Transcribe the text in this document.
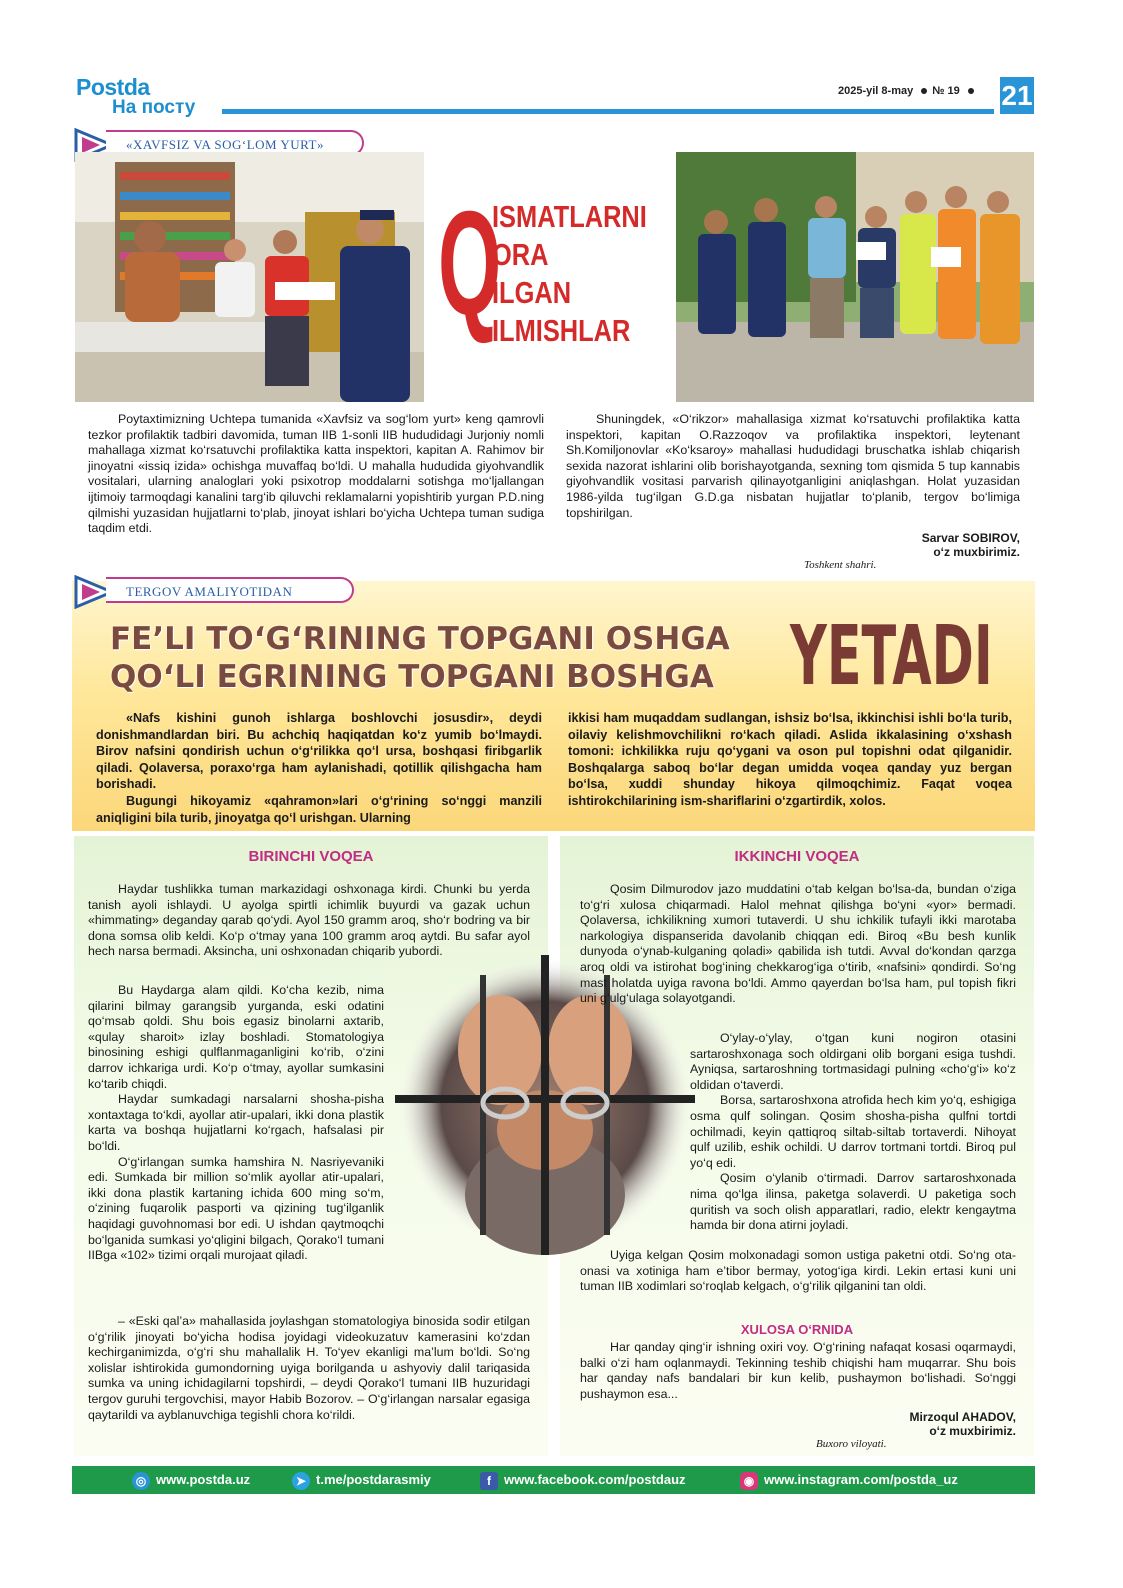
Postda
На посту
2025-yil 8-may № 19	21
«XAVFSIZ VA SOG‘LOM YURT»
Q
ISMATLARNI
ORA
ILGAN
ILMISHLAR

Poytaxtimizning Uchtepa tumanida «Xavfsiz va sog‘lom yurt» keng qamrovli tezkor profilaktik tadbiri davomida, tuman IIB 1-sonli IIB hududidagi Jurjoniy nomli mahallaga xizmat ko‘rsatuvchi profilaktika katta inspektori, kapitan A. Rahimov bir jinoyatni «issiq izida» ochishga muvaffaq bo‘ldi. U mahalla hududida giyohvandlik vositalari, ularning analoglari yoki psixotrop moddalarni sotishga mo‘ljallangan ijtimoiy tarmoqdagi kanalini targ‘ib qiluvchi reklamalarni yopishtirib yurgan P.D.ning qilmishi yuzasidan hujjatlarni to‘plab, jinoyat ishlari bo‘yicha Uchtepa tuman sudiga taqdim etdi.

Shuningdek, «O‘rikzor» mahallasiga xizmat ko‘rsatuvchi profilaktika katta inspektori, kapitan O.Razzoqov va profilaktika inspektori, leytenant Sh.Komiljonovlar «Ko‘ksaroy» mahallasi hududidagi bruschatka ishlab chiqarish sexida nazorat ishlarini olib borishayotganda, sexning tom qismida 5 tup kannabis giyohvandlik vositasi parvarish qilinayotganligini aniqlashgan. Holat yuzasidan 1986-yilda tug‘ilgan G.D.ga nisbatan hujjatlar to‘planib, tergov bo‘limiga topshirilgan.

Sarvar SOBIROV,
o‘z muxbirimiz.
Toshkent shahri.
TERGOV AMALIYOTIDAN
FE’LI TO‘G‘RINING TOPGANI OSHGA
QO‘LI EGRINING TOPGANI BOSHGA YETADI

«Nafs kishini gunoh ishlarga boshlovchi josusdir», deydi donishmandlardan biri. Bu achchiq haqiqatdan ko‘z yumib bo‘lmaydi. Birov nafsini qondirish uchun o‘g‘rilikka qo‘l ursa, boshqasi firibgarlik qiladi. Qolaversa, poraxo‘rga ham aylanishadi, qotillik qilishgacha ham borishadi.

Bugungi hikoyamiz «qahramon»lari o‘g‘rining so‘nggi manzili aniqligini bila turib, jinoyatga qo‘l urishgan. Ularning

ikkisi ham muqaddam sudlangan, ishsiz bo‘lsa, ikkinchisi ishli bo‘la turib, oilaviy kelishmovchilikni ro‘kach qiladi. Aslida ikkalasining o‘xshash tomoni: ichkilikka ruju qo‘ygani va oson pul topishni odat qilganidir. Boshqalarga saboq bo‘lar degan umidda voqea qanday yuz bergan bo‘lsa, xuddi shunday hikoya qilmoqchimiz. Faqat voqea ishtirokchilarining ism-shariflarini o‘zgartirdik, xolos.

BIRINCHI VOQEA

Haydar tushlikka tuman markazidagi oshxonaga kirdi. Chunki bu yerda tanish ayoli ishlaydi. U ayolga spirtli ichimlik buyurdi va gazak uchun «himmating» deganday qarab qo‘ydi. Ayol 150 gramm aroq, sho‘r bodring va bir dona somsa olib keldi. Ko‘p o‘tmay yana 100 gramm aroq aytdi. Bu safar ayol hech narsa bermadi. Aksincha, uni oshxonadan chiqarib yubordi.

Bu Haydarga alam qildi. Ko‘cha kezib, nima qilarini bilmay garangsib yurganda, eski odatini qo‘msab qoldi. Shu bois egasiz binolarni axtarib, «qulay sharoit» izlay boshladi. Stomatologiya binosining eshigi qulflanmaganligini ko‘rib, o‘zini darrov ichkariga urdi. Ko‘p o‘tmay, ayollar sumkasini ko‘tarib chiqdi.

Haydar sumkadagi narsalarni shosha-pisha xontaxtaga to‘kdi, ayollar atir-upalari, ikki dona plastik karta va boshqa hujjatlarni ko‘rgach, hafsalasi pir bo‘ldi.

O‘g‘irlangan sumka hamshira N. Nasriyevaniki edi. Sumkada bir million so‘mlik ayollar atir-upalari, ikki dona plastik kartaning ichida 600 ming so‘m, o‘zining fuqarolik pasporti va qizining tug‘ilganlik haqidagi guvohnomasi bor edi. U ishdan qaytmoqchi bo‘lganida sumkasi yo‘qligini bilgach, Qorako‘l tumani IIBga «102» tizimi orqali murojaat qiladi.

– «Eski qal’a» mahallasida joylashgan stomatologiya binosida sodir etilgan o‘g‘rilik jinoyati bo‘yicha hodisa joyidagi videokuzatuv kamerasini ko‘zdan kechirganimizda, o‘g‘ri shu mahallalik H. To‘yev ekanligi ma’lum bo‘ldi. So‘ng xolislar ishtirokida gumondorning uyiga borilganda u ashyoviy dalil tariqasida sumka va uning ichidagilarni topshirdi, – deydi Qorako‘l tumani IIB huzuridagi tergov guruhi tergovchisi, mayor Habib Bozorov. – O‘g‘irlangan narsalar egasiga qaytarildi va ayblanuvchiga tegishli chora ko‘rildi.

IKKINCHI VOQEA

Qosim Dilmurodov jazo muddatini o‘tab kelgan bo‘lsa-da, bundan o‘ziga to‘g‘ri xulosa chiqarmadi. Halol mehnat qilishga bo‘yni «yor» bermadi. Qolaversa, ichkilikning xumori tutaverdi. U shu ichkilik tufayli ikki marotaba narkologiya dispanserida davolanib chiqqan edi. Biroq «Bu besh kunlik dunyoda o‘ynab-kulganing qoladi» qabilida ish tutdi. Avval do‘kondan qarzga aroq oldi va istirohat bog‘ining chekkarog‘iga o‘tirib, «nafsini» qondirdi. So‘ng mast holatda uyiga ravona bo‘ldi. Ammo qayerdan bo‘lsa ham, pul topish fikri uni g‘ulg‘ulaga solayotgandi.

O‘ylay-o‘ylay, o‘tgan kuni nogiron otasini sartaroshxonaga soch oldirgani olib borgani esiga tushdi. Ayniqsa, sartaroshning tortmasidagi pulning «cho‘g‘i» ko‘z oldidan o‘taverdi.

Borsa, sartaroshxona atrofida hech kim yo‘q, eshigiga osma qulf solingan. Qosim shosha-pisha qulfni tortdi ochilmadi, keyin qattiqroq siltab-siltab tortaverdi. Nihoyat qulf uzilib, eshik ochildi. U darrov tortmani tortdi. Biroq pul yo‘q edi.

Qosim o‘ylanib o‘tirmadi. Darrov sartaroshxonada nima qo‘lga ilinsa, paketga solaverdi. U paketiga soch quritish va soch olish apparatlari, radio, elektr kengaytma hamda bir dona atirni joyladi.

Uyiga kelgan Qosim molxonadagi somon ustiga paketni otdi. So‘ng ota-onasi va xotiniga ham e’tibor bermay, yotog‘iga kirdi. Lekin ertasi kuni uni tuman IIB xodimlari so‘roqlab kelgach, o‘g‘rilik qilganini tan oldi.

XULOSA O‘RNIDA

Har qanday qing‘ir ishning oxiri voy. O‘g‘rining nafaqat kosasi oqarmaydi, balki o‘zi ham oqlanmaydi. Tekinning teshib chiqishi ham muqarrar. Shu bois har qanday nafs bandalari bir kun kelib, pushaymon bo‘lishadi. So‘nggi pushaymon esa...

Mirzoqul AHADOV,
o‘z muxbirimiz.
Buxoro viloyati.
◎ www.postda.uz	➤ t.me/postdarasmiy	f www.facebook.com/postdauz	◉ www.instagram.com/postda_uz
